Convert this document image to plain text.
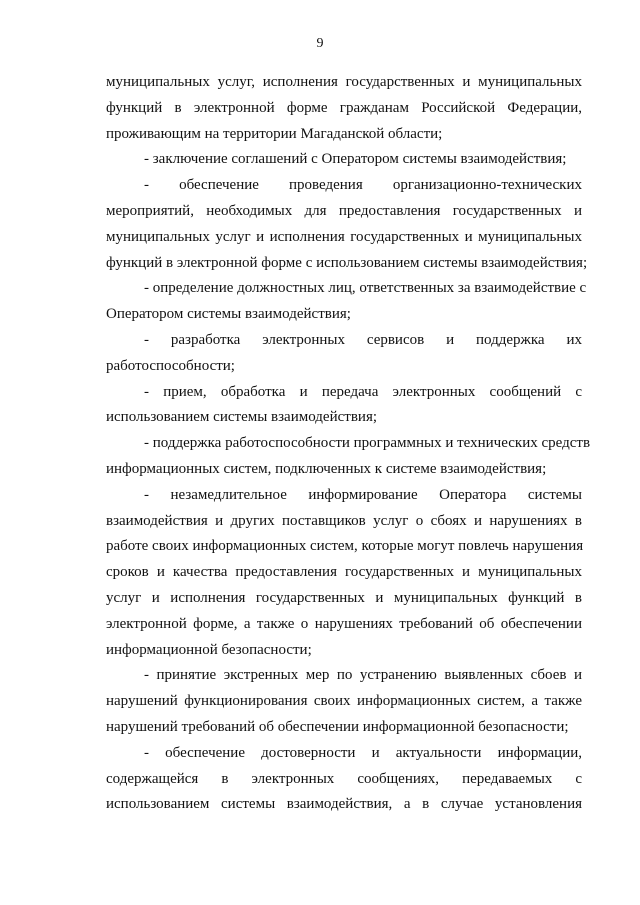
9
муниципальных услуг, исполнения государственных и муниципальных
функций в электронной форме гражданам Российской Федерации,
проживающим на территории Магаданской области;
- заключение соглашений с Оператором системы взаимодействия;
- обеспечение проведения организационно-технических
мероприятий, необходимых для предоставления государственных и
муниципальных услуг и исполнения государственных и муниципальных
функций в электронной форме с использованием системы взаимодействия;
- определение должностных лиц, ответственных за взаимодействие с
Оператором системы взаимодействия;
- разработка электронных сервисов и поддержка их
работоспособности;
- прием, обработка и передача электронных сообщений с
использованием системы взаимодействия;
- поддержка работоспособности программных и технических средств
информационных систем, подключенных к системе взаимодействия;
- незамедлительное информирование Оператора системы
взаимодействия и других поставщиков услуг о сбоях и нарушениях в
работе своих информационных систем, которые могут повлечь нарушения
сроков и качества предоставления государственных и муниципальных
услуг и исполнения государственных и муниципальных функций в
электронной форме, а также о нарушениях требований об обеспечении
информационной безопасности;
- принятие экстренных мер по устранению выявленных сбоев и
нарушений функционирования своих информационных систем, а также
нарушений требований об обеспечении информационной безопасности;
- обеспечение достоверности и актуальности информации,
содержащейся в электронных сообщениях, передаваемых с
использованием системы взаимодействия, а в случае установления
